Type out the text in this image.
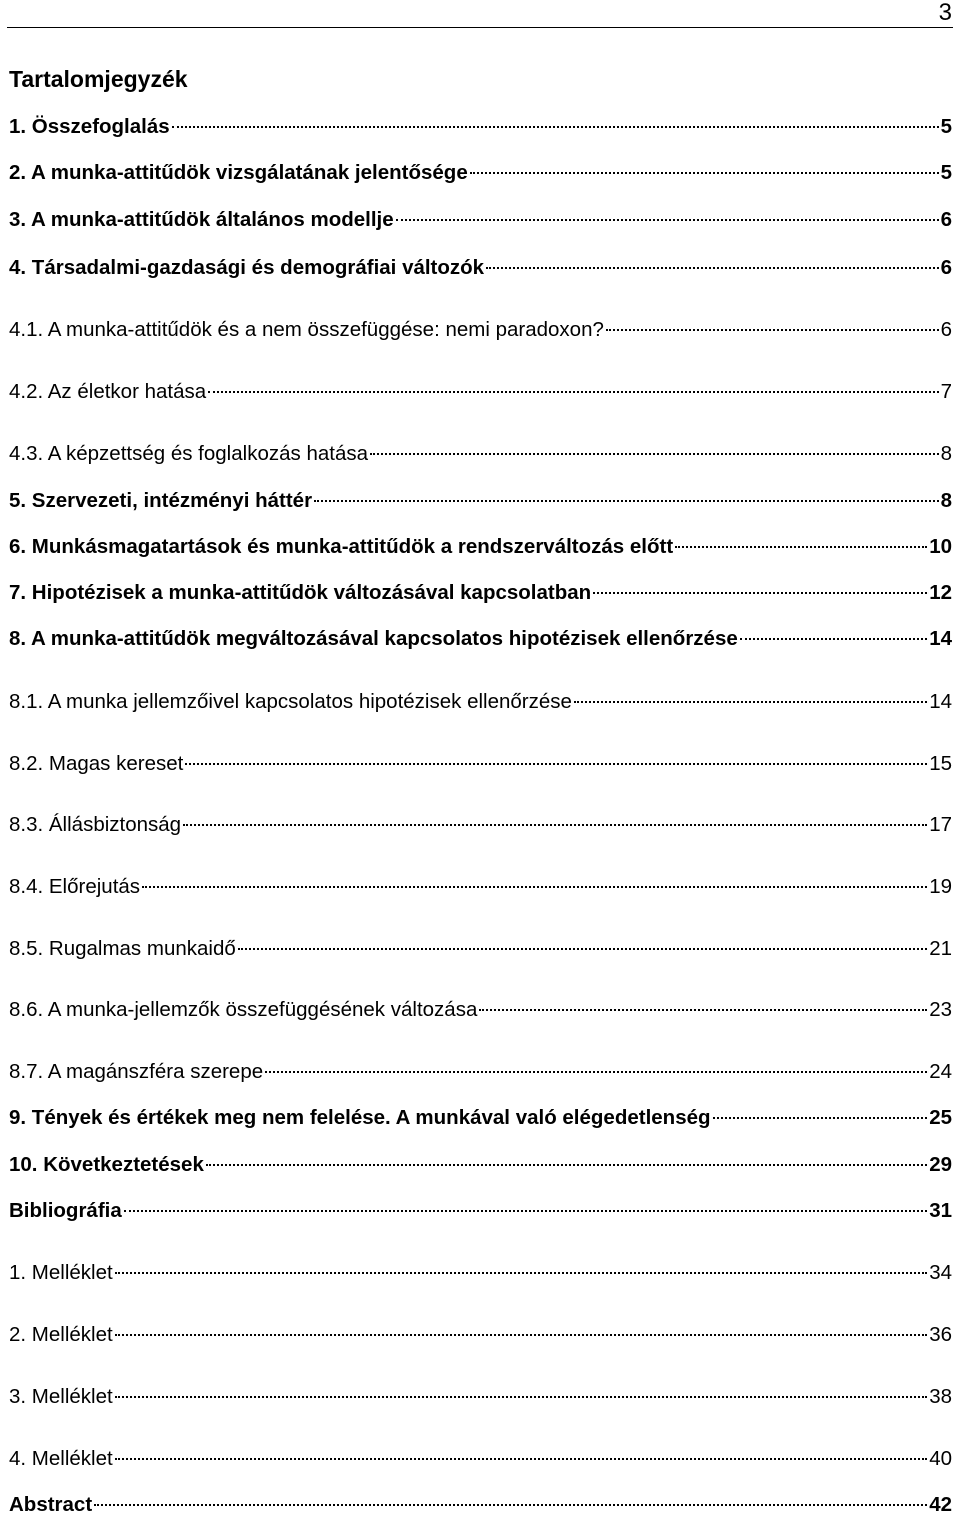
3
Tartalomjegyzék
1. Összefoglalás	5
2. A munka-attitűdök vizsgálatának jelentősége	5
3. A munka-attitűdök általános modellje	6
4. Társadalmi-gazdasági és demográfiai változók	6
4.1. A munka-attitűdök és a nem összefüggése: nemi paradoxon?	6
4.2. Az életkor hatása	7
4.3. A képzettség és foglalkozás hatása	8
5. Szervezeti, intézményi háttér	8
6. Munkásmagatartások és munka-attitűdök a rendszerváltozás előtt	10
7. Hipotézisek a munka-attitűdök változásával kapcsolatban	12
8. A munka-attitűdök megváltozásával kapcsolatos hipotézisek ellenőrzése	14
8.1. A munka jellemzőivel kapcsolatos hipotézisek ellenőrzése	14
8.2. Magas kereset	15
8.3. Állásbiztonság	17
8.4. Előrejutás	19
8.5. Rugalmas munkaidő	21
8.6. A munka-jellemzők összefüggésének változása	23
8.7. A magánszféra szerepe	24
9. Tények és értékek meg nem felelése. A munkával való elégedetlenség	25
10. Következtetések	29
Bibliográfia	31
1. Melléklet	34
2. Melléklet	36
3. Melléklet	38
4. Melléklet	40
Abstract	42
